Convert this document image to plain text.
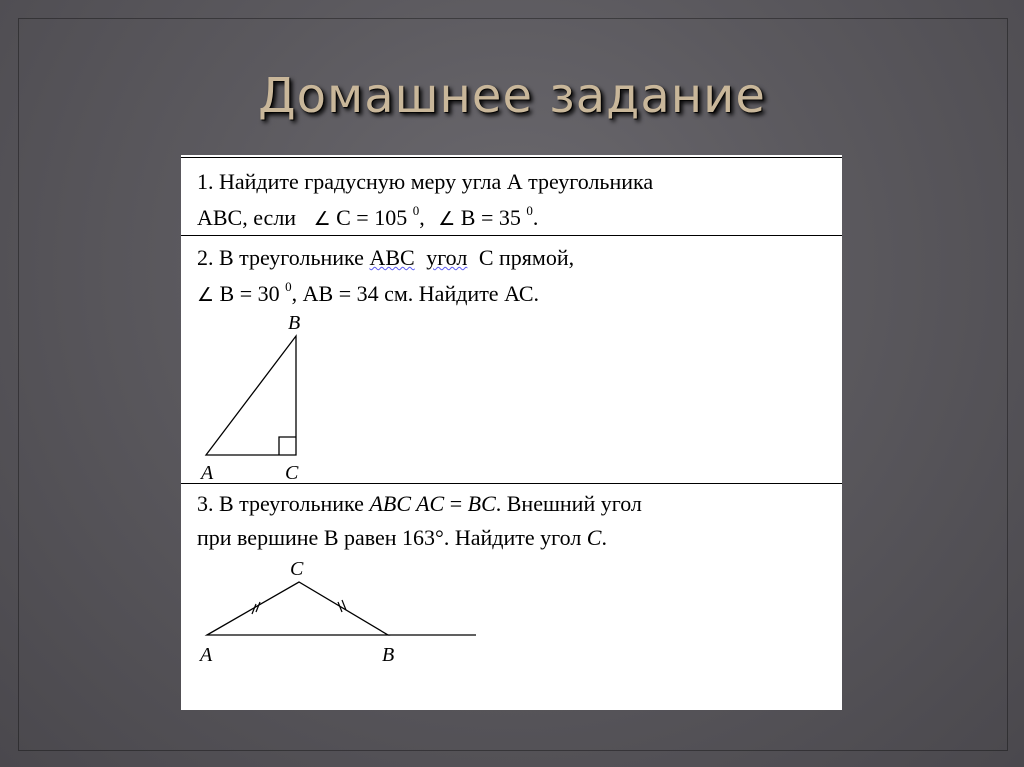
Домашнее задание
1. Найдите градусную меру угла А треугольника
АВС, если ∠ С = 105 $^0$, ∠ В = 35 $^0$.
2. В треугольнике АВС угол С прямой,
∠ В = 30 $^0$, АВ = 34 см. Найдите АС.
B
A	C
3. В треугольнике ABC AC = BC. Внешний угол
при вершине В равен 163°. Найдите угол C.
C
A	B
